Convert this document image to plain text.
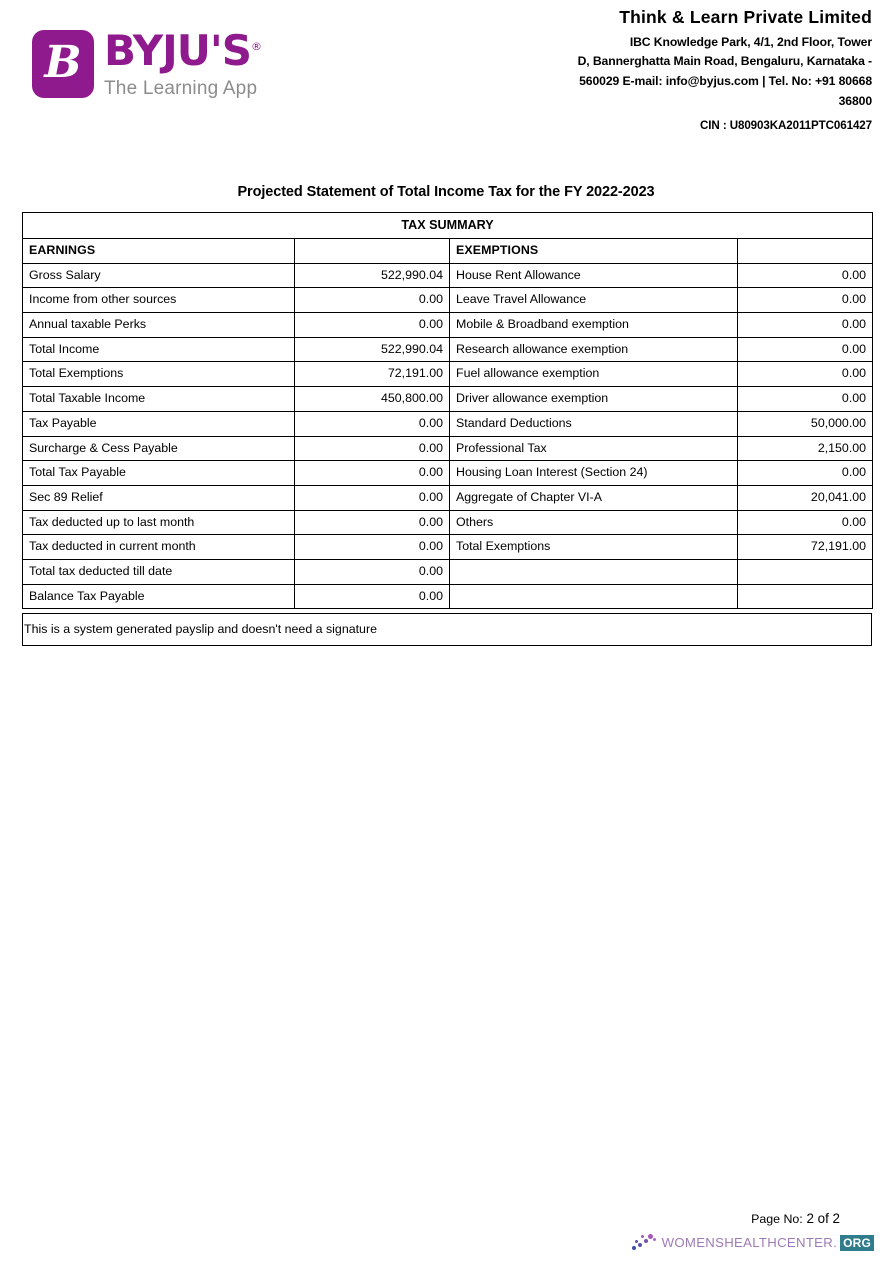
B BYJU'S®
The Learning App
Think & Learn Private Limited
IBC Knowledge Park, 4/1, 2nd Floor, Tower
D, Bannerghatta Main Road, Bengaluru, Karnataka -
560029 E-mail: info@byjus.com | Tel. No: +91 80668
36800
CIN : U80903KA2011PTC061427
Projected Statement of Total Income Tax for the FY 2022-2023
TAX SUMMARY			
EARNINGS		EXEMPTIONS	
Gross Salary	522,990.04	House Rent Allowance	0.00
Income from other sources	0.00	Leave Travel Allowance	0.00
Annual taxable Perks	0.00	Mobile & Broadband exemption	0.00
Total Income	522,990.04	Research allowance exemption	0.00
Total Exemptions	72,191.00	Fuel allowance exemption	0.00
Total Taxable Income	450,800.00	Driver allowance exemption	0.00
Tax Payable	0.00	Standard Deductions	50,000.00
Surcharge & Cess Payable	0.00	Professional Tax	2,150.00
Total Tax Payable	0.00	Housing Loan Interest (Section 24)	0.00
Sec 89 Relief	0.00	Aggregate of Chapter VI-A	20,041.00
Tax deducted up to last month	0.00	Others	0.00
Tax deducted in current month	0.00	Total Exemptions	72,191.00
Total tax deducted till date	0.00		
Balance Tax Payable	0.00		
This is a system generated payslip and doesn't need a signature
Page No: 2 of 2
WOMENSHEALTHCENTER. ORG
